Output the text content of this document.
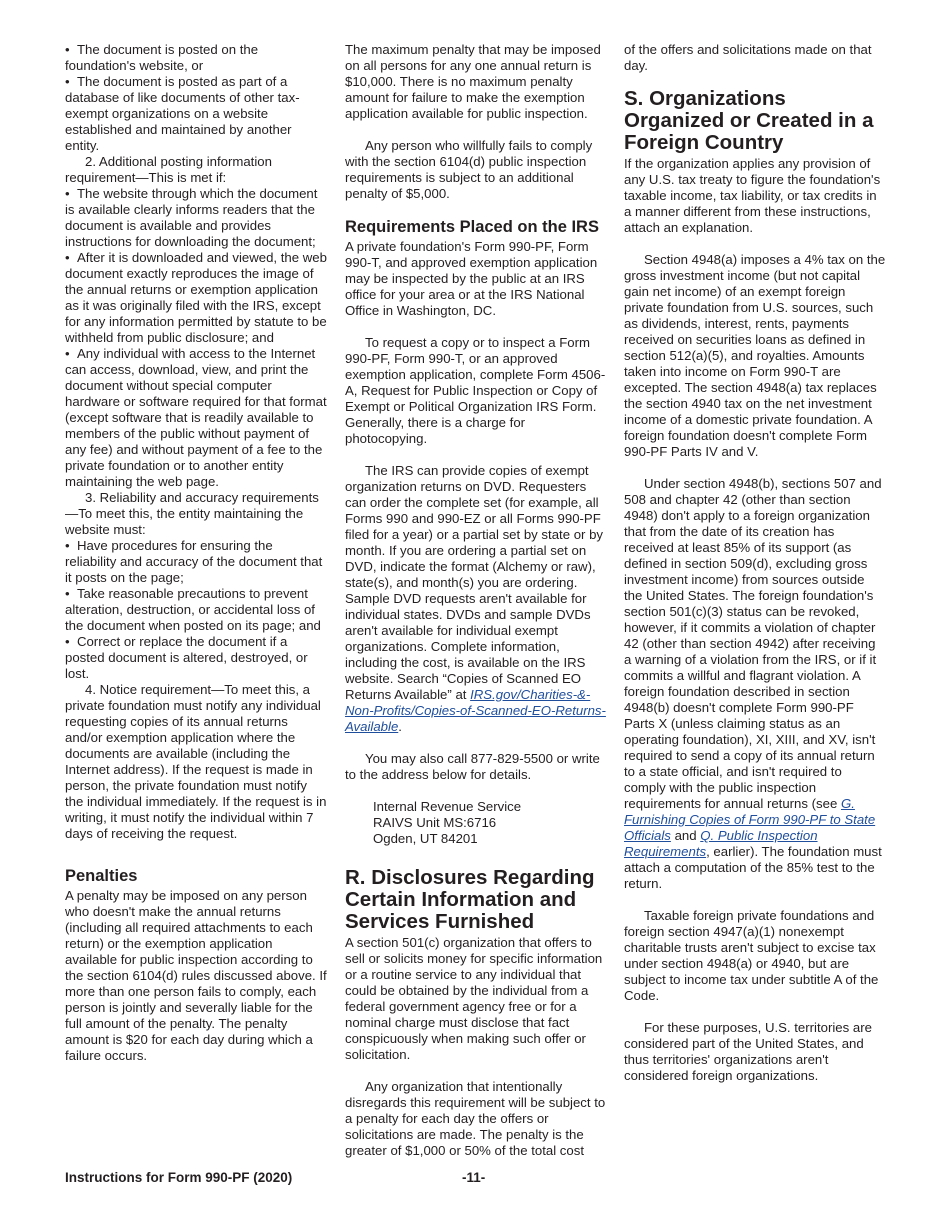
•  The document is posted on the foundation's website, or

•  The document is posted as part of a database of like documents of other tax-exempt organizations on a website established and maintained by another entity.

2. Additional posting information requirement—This is met if:

•  The website through which the document is available clearly informs readers that the document is available and provides instructions for downloading the document;

•  After it is downloaded and viewed, the web document exactly reproduces the image of the annual returns or exemption application as it was originally filed with the IRS, except for any information permitted by statute to be withheld from public disclosure; and

•  Any individual with access to the Internet can access, download, view, and print the document without special computer hardware or software required for that format (except software that is readily available to members of the public without payment of any fee) and without payment of a fee to the private foundation or to another entity maintaining the web page.

3. Reliability and accuracy requirements—To meet this, the entity maintaining the website must:

•  Have procedures for ensuring the reliability and accuracy of the document that it posts on the page;

•  Take reasonable precautions to prevent alteration, destruction, or accidental loss of the document when posted on its page; and

•  Correct or replace the document if a posted document is altered, destroyed, or lost.

4. Notice requirement—To meet this, a private foundation must notify any individual requesting copies of its annual returns and/or exemption application where the documents are available (including the Internet address). If the request is made in person, the private foundation must notify the individual immediately. If the request is in writing, it must notify the individual within 7 days of receiving the request.

Penalties

A penalty may be imposed on any person who doesn't make the annual returns (including all required attachments to each return) or the exemption application available for public inspection according to the section 6104(d) rules discussed above. If more than one person fails to comply, each person is jointly and severally liable for the full amount of the penalty. The penalty amount is $20 for each day during which a failure occurs.

The maximum penalty that may be imposed on all persons for any one annual return is $10,000. There is no maximum penalty amount for failure to make the exemption application available for public inspection.

Any person who willfully fails to comply with the section 6104(d) public inspection requirements is subject to an additional penalty of $5,000.

Requirements Placed on the IRS

A private foundation's Form 990-PF, Form 990-T, and approved exemption application may be inspected by the public at an IRS office for your area or at the IRS National Office in Washington, DC.

To request a copy or to inspect a Form 990-PF, Form 990-T, or an approved exemption application, complete Form 4506-A, Request for Public Inspection or Copy of Exempt or Political Organization IRS Form. Generally, there is a charge for photocopying.

The IRS can provide copies of exempt organization returns on DVD. Requesters can order the complete set (for example, all Forms 990 and 990-EZ or all Forms 990-PF filed for a year) or a partial set by state or by month. If you are ordering a partial set on DVD, indicate the format (Alchemy or raw), state(s), and month(s) you are ordering. Sample DVD requests aren't available for individual states. DVDs and sample DVDs aren't available for individual exempt organizations. Complete information, including the cost, is available on the IRS website. Search “Copies of Scanned EO Returns Available” at IRS.gov/Charities-&-Non-Profits/Copies-of-Scanned-EO-Returns-Available.

You may also call 877-829-5500 or write to the address below for details.

Internal Revenue Service
RAIVS Unit MS:6716
Ogden, UT 84201
R. Disclosures Regarding Certain Information and Services Furnished

A section 501(c) organization that offers to sell or solicits money for specific information or a routine service to any individual that could be obtained by the individual from a federal government agency free or for a nominal charge must disclose that fact conspicuously when making such offer or solicitation.

Any organization that intentionally disregards this requirement will be subject to a penalty for each day the offers or solicitations are made. The penalty is the greater of $1,000 or 50% of the total cost

of the offers and solicitations made on that day.

S. Organizations Organized or Created in a Foreign Country

If the organization applies any provision of any U.S. tax treaty to figure the foundation's taxable income, tax liability, or tax credits in a manner different from these instructions, attach an explanation.

Section 4948(a) imposes a 4% tax on the gross investment income (but not capital gain net income) of an exempt foreign private foundation from U.S. sources, such as dividends, interest, rents, payments received on securities loans as defined in section 512(a)(5), and royalties. Amounts taken into income on Form 990-T are excepted. The section 4948(a) tax replaces the section 4940 tax on the net investment income of a domestic private foundation. A foreign foundation doesn't complete Form 990-PF Parts IV and V.

Under section 4948(b), sections 507 and 508 and chapter 42 (other than section 4948) don't apply to a foreign organization that from the date of its creation has received at least 85% of its support (as defined in section 509(d), excluding gross investment income) from sources outside the United States. The foreign foundation's section 501(c)(3) status can be revoked, however, if it commits a violation of chapter 42 (other than section 4942) after receiving a warning of a violation from the IRS, or if it commits a willful and flagrant violation. A foreign foundation described in section 4948(b) doesn't complete Form 990-PF Parts X (unless claiming status as an operating foundation), XI, XIII, and XV, isn't required to send a copy of its annual return to a state official, and isn't required to comply with the public inspection requirements for annual returns (see G. Furnishing Copies of Form 990-PF to State Officials and Q. Public Inspection Requirements, earlier). The foundation must attach a computation of the 85% test to the return.

Taxable foreign private foundations and foreign section 4947(a)(1) nonexempt charitable trusts aren't subject to excise tax under section 4948(a) or 4940, but are subject to income tax under subtitle A of the Code.

For these purposes, U.S. territories are considered part of the United States, and thus territories' organizations aren't considered foreign organizations.

Instructions for Form 990-PF (2020)	-11-
